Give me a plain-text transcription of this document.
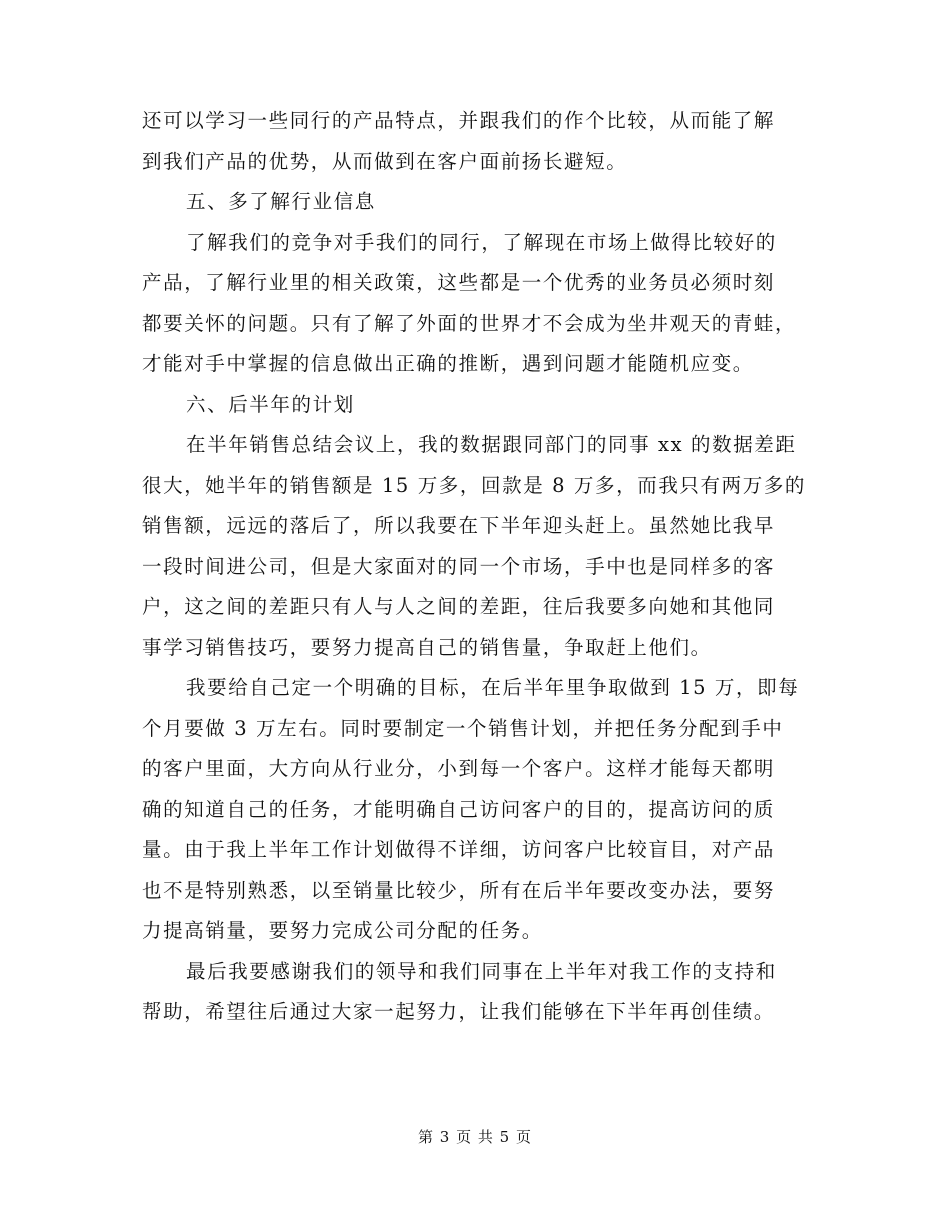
还可以学习一些同行的产品特点，并跟我们的作个比较，从而能了解
到我们产品的优势，从而做到在客户面前扬长避短。
五、多了解行业信息
了解我们的竞争对手我们的同行，了解现在市场上做得比较好的
产品，了解行业里的相关政策，这些都是一个优秀的业务员必须时刻
都要关怀的问题。只有了解了外面的世界才不会成为坐井观天的青蛙，
才能对手中掌握的信息做出正确的推断，遇到问题才能随机应变。
六、后半年的计划
在半年销售总结会议上，我的数据跟同部门的同事 xx 的数据差距
很大，她半年的销售额是 15 万多，回款是 8 万多，而我只有两万多的
销售额，远远的落后了，所以我要在下半年迎头赶上。虽然她比我早
一段时间进公司，但是大家面对的同一个市场，手中也是同样多的客
户，这之间的差距只有人与人之间的差距，往后我要多向她和其他同
事学习销售技巧，要努力提高自己的销售量，争取赶上他们。
我要给自己定一个明确的目标，在后半年里争取做到 15 万，即每
个月要做 3 万左右。同时要制定一个销售计划，并把任务分配到手中
的客户里面，大方向从行业分，小到每一个客户。这样才能每天都明
确的知道自己的任务，才能明确自己访问客户的目的，提高访问的质
量。由于我上半年工作计划做得不详细，访问客户比较盲目，对产品
也不是特别熟悉，以至销量比较少，所有在后半年要改变办法，要努
力提高销量，要努力完成公司分配的任务。
最后我要感谢我们的领导和我们同事在上半年对我工作的支持和
帮助，希望往后通过大家一起努力，让我们能够在下半年再创佳绩。
第 3 页 共 5 页
